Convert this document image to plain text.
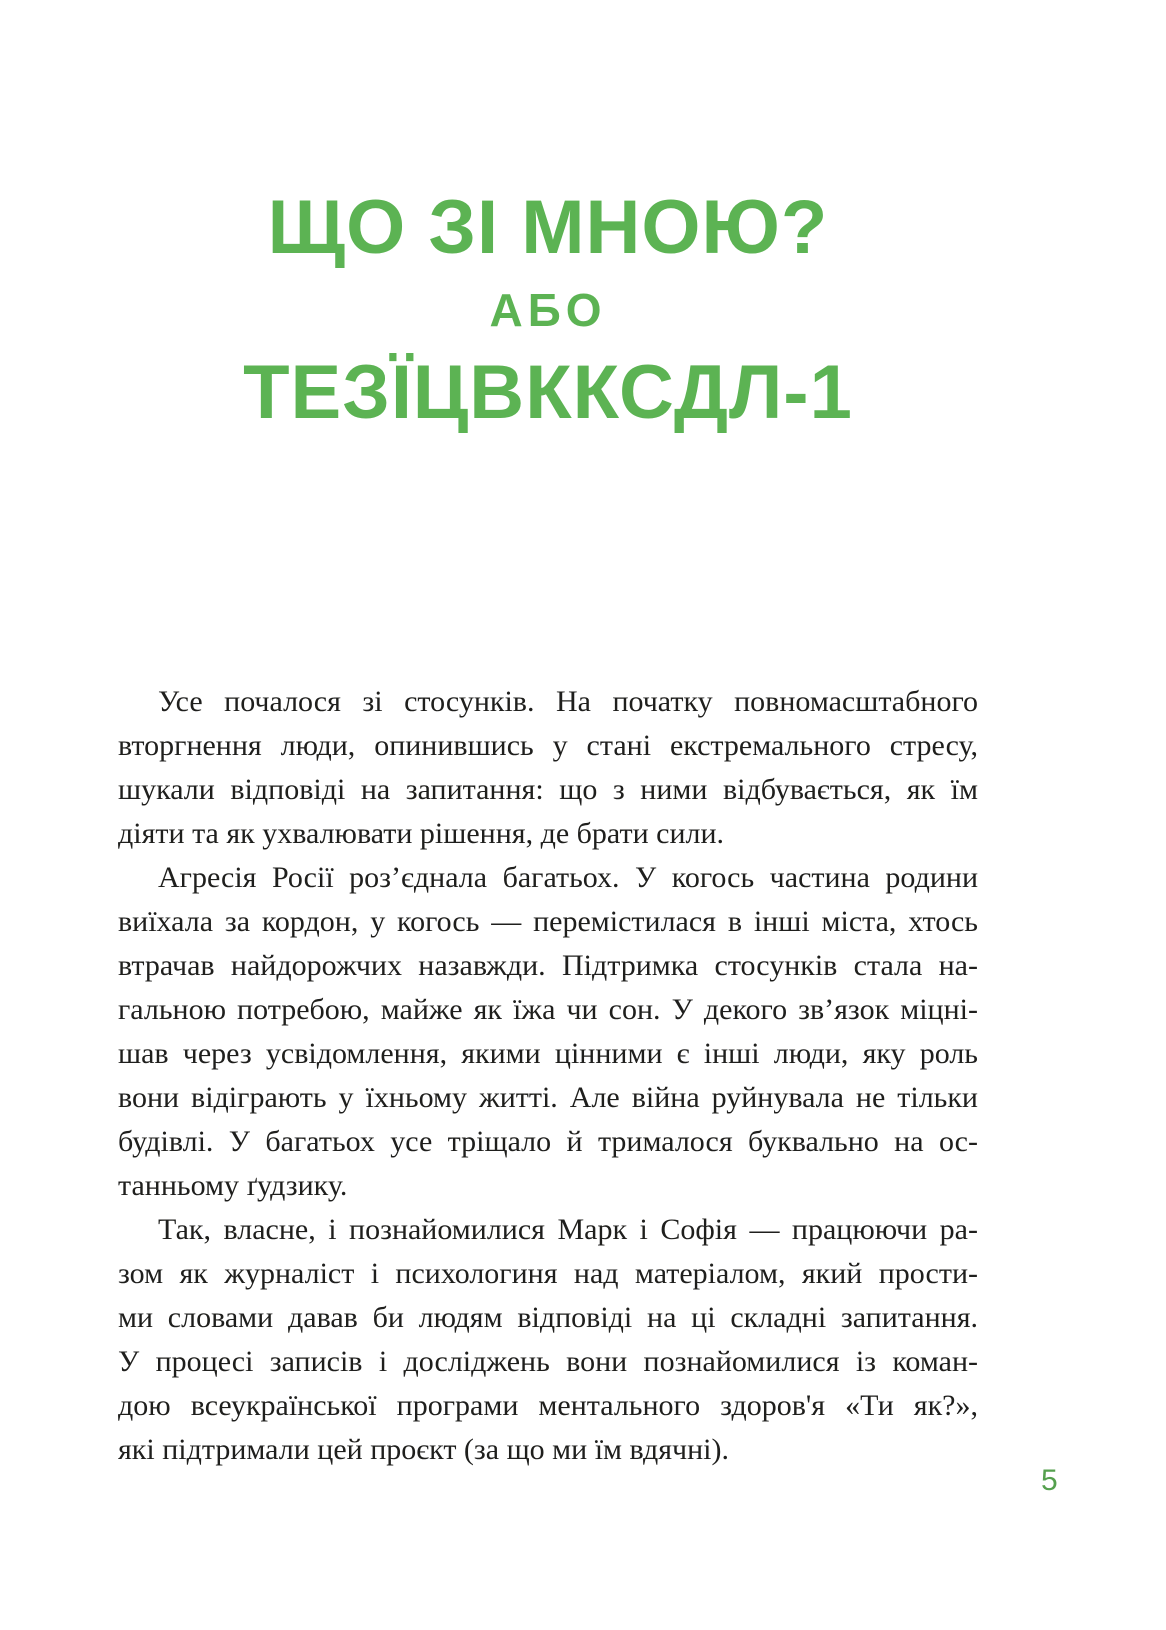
ЩО ЗІ МНОЮ?
АБО
ТЕЗЇЦВККСДЛ-1
Усе почалося зі стосунків. На початку повномасштабного
вторгнення люди, опинившись у стані екстремального стресу,
шукали відповіді на запитання: що з ними відбувається, як їм
діяти та як ухвалювати рішення, де брати сили.
Агресія Росії роз’єднала багатьох. У когось частина родини
виїхала за кордон, у когось — перемістилася в інші міста, хтось
втрачав найдорожчих назавжди. Підтримка стосунків стала на-
гальною потребою, майже як їжа чи сон. У декого зв’язок міцні-
шав через усвідомлення, якими цінними є інші люди, яку роль
вони відіграють у їхньому житті. Але війна руйнувала не тільки
будівлі. У багатьох усе тріщало й трималося буквально на ос-
танньому ґудзику.
Так, власне, і познайомилися Марк і Софія — працюючи ра-
зом як журналіст і психологиня над матеріалом, який прости-
ми словами давав би людям відповіді на ці складні запитання.
У процесі записів і досліджень вони познайомилися із коман-
дою всеукраїнської програми ментального здоров'я «Ти як?»,
які підтримали цей проєкт (за що ми їм вдячні).
5
